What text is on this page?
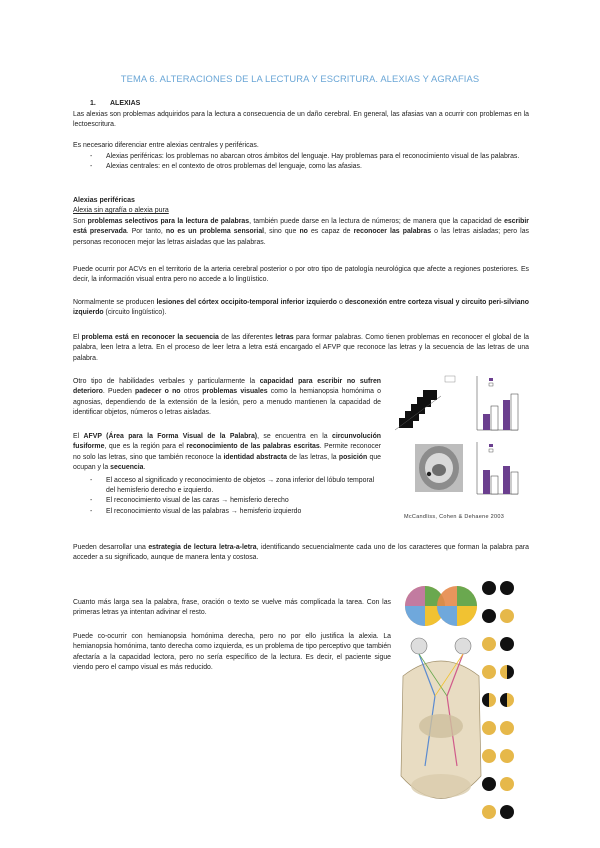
TEMA 6. ALTERACIONES DE LA LECTURA Y ESCRITURA. ALEXIAS Y AGRAFIAS
1. ALEXIAS

Las alexias son problemas adquiridos para la lectura a consecuencia de un daño cerebral. En general, las afasias van a ocurrir con problemas en la lectoescritura.

Es necesario diferenciar entre alexias centrales y periféricas.

- Alexias periféricas: los problemas no abarcan otros ámbitos del lenguaje. Hay problemas para el reconocimiento visual de las palabras.
- Alexias centrales: en el contexto de otros problemas del lenguaje, como las afasias.
Alexias periféricas
Alexia sin agrafía o alexia pura

Son problemas selectivos para la lectura de palabras, también puede darse en la lectura de números; de manera que la capacidad de escribir está preservada. Por tanto, no es un problema sensorial, sino que no es capaz de reconocer las palabras o las letras aisladas; pero las personas reconocen mejor las letras aisladas que las palabras.

Puede ocurrir por ACVs en el territorio de la arteria cerebral posterior o por otro tipo de patología neurológica que afecte a regiones posteriores. Es decir, la información visual entra pero no accede a lo lingüístico.

Normalmente se producen lesiones del córtex occipito-temporal inferior izquierdo o desconexión entre corteza visual y circuito peri-silviano izquierdo (circuito lingüístico).

El problema está en reconocer la secuencia de las diferentes letras para formar palabras. Como tienen problemas en reconocer el global de la palabra, leen letra a letra. En el proceso de leer letra a letra está encargado el AFVP que reconoce las letras y la secuencia de las letras de una palabra.

Otro tipo de habilidades verbales y particularmente la capacidad para escribir no sufren deterioro. Pueden padecer o no otros problemas visuales como la hemianopsia homónima o agnosias, dependiendo de la extensión de la lesión, pero a menudo mantienen la capacidad de identificar objetos, números o letras aisladas.

El AFVP (Área para la Forma Visual de la Palabra), se encuentra en la circunvolución fusiforme, que es la región para el reconocimiento de las palabras escritas. Permite reconocer no solo las letras, sino que también reconoce la identidad abstracta de las letras, la posición que ocupan y la secuencia.

- El acceso al significado y reconocimiento de objetos → zona inferior del lóbulo temporal del hemisferio derecho e izquierdo.
- El reconocimiento visual de las caras → hemisferio derecho
- El reconocimiento visual de las palabras → hemisferio izquierdo
McCandliss, Cohen & Dehaene 2003

Pueden desarrollar una estrategia de lectura letra-a-letra, identificando secuencialmente cada uno de los caracteres que forman la palabra para acceder a su significado, aunque de manera lenta y costosa.

Cuanto más larga sea la palabra, frase, oración o texto se vuelve más complicada la tarea. Con las primeras letras ya intentan adivinar el resto.

Puede co-ocurrir con hemianopsia homónima derecha, pero no por ello justifica la alexia. La hemianopsia homónima, tanto derecha como izquierda, es un problema de tipo perceptivo que también afectaría a la capacidad lectora, pero no sería específico de la lectura. Es decir, el paciente sigue viendo pero el campo visual es más reducido.
